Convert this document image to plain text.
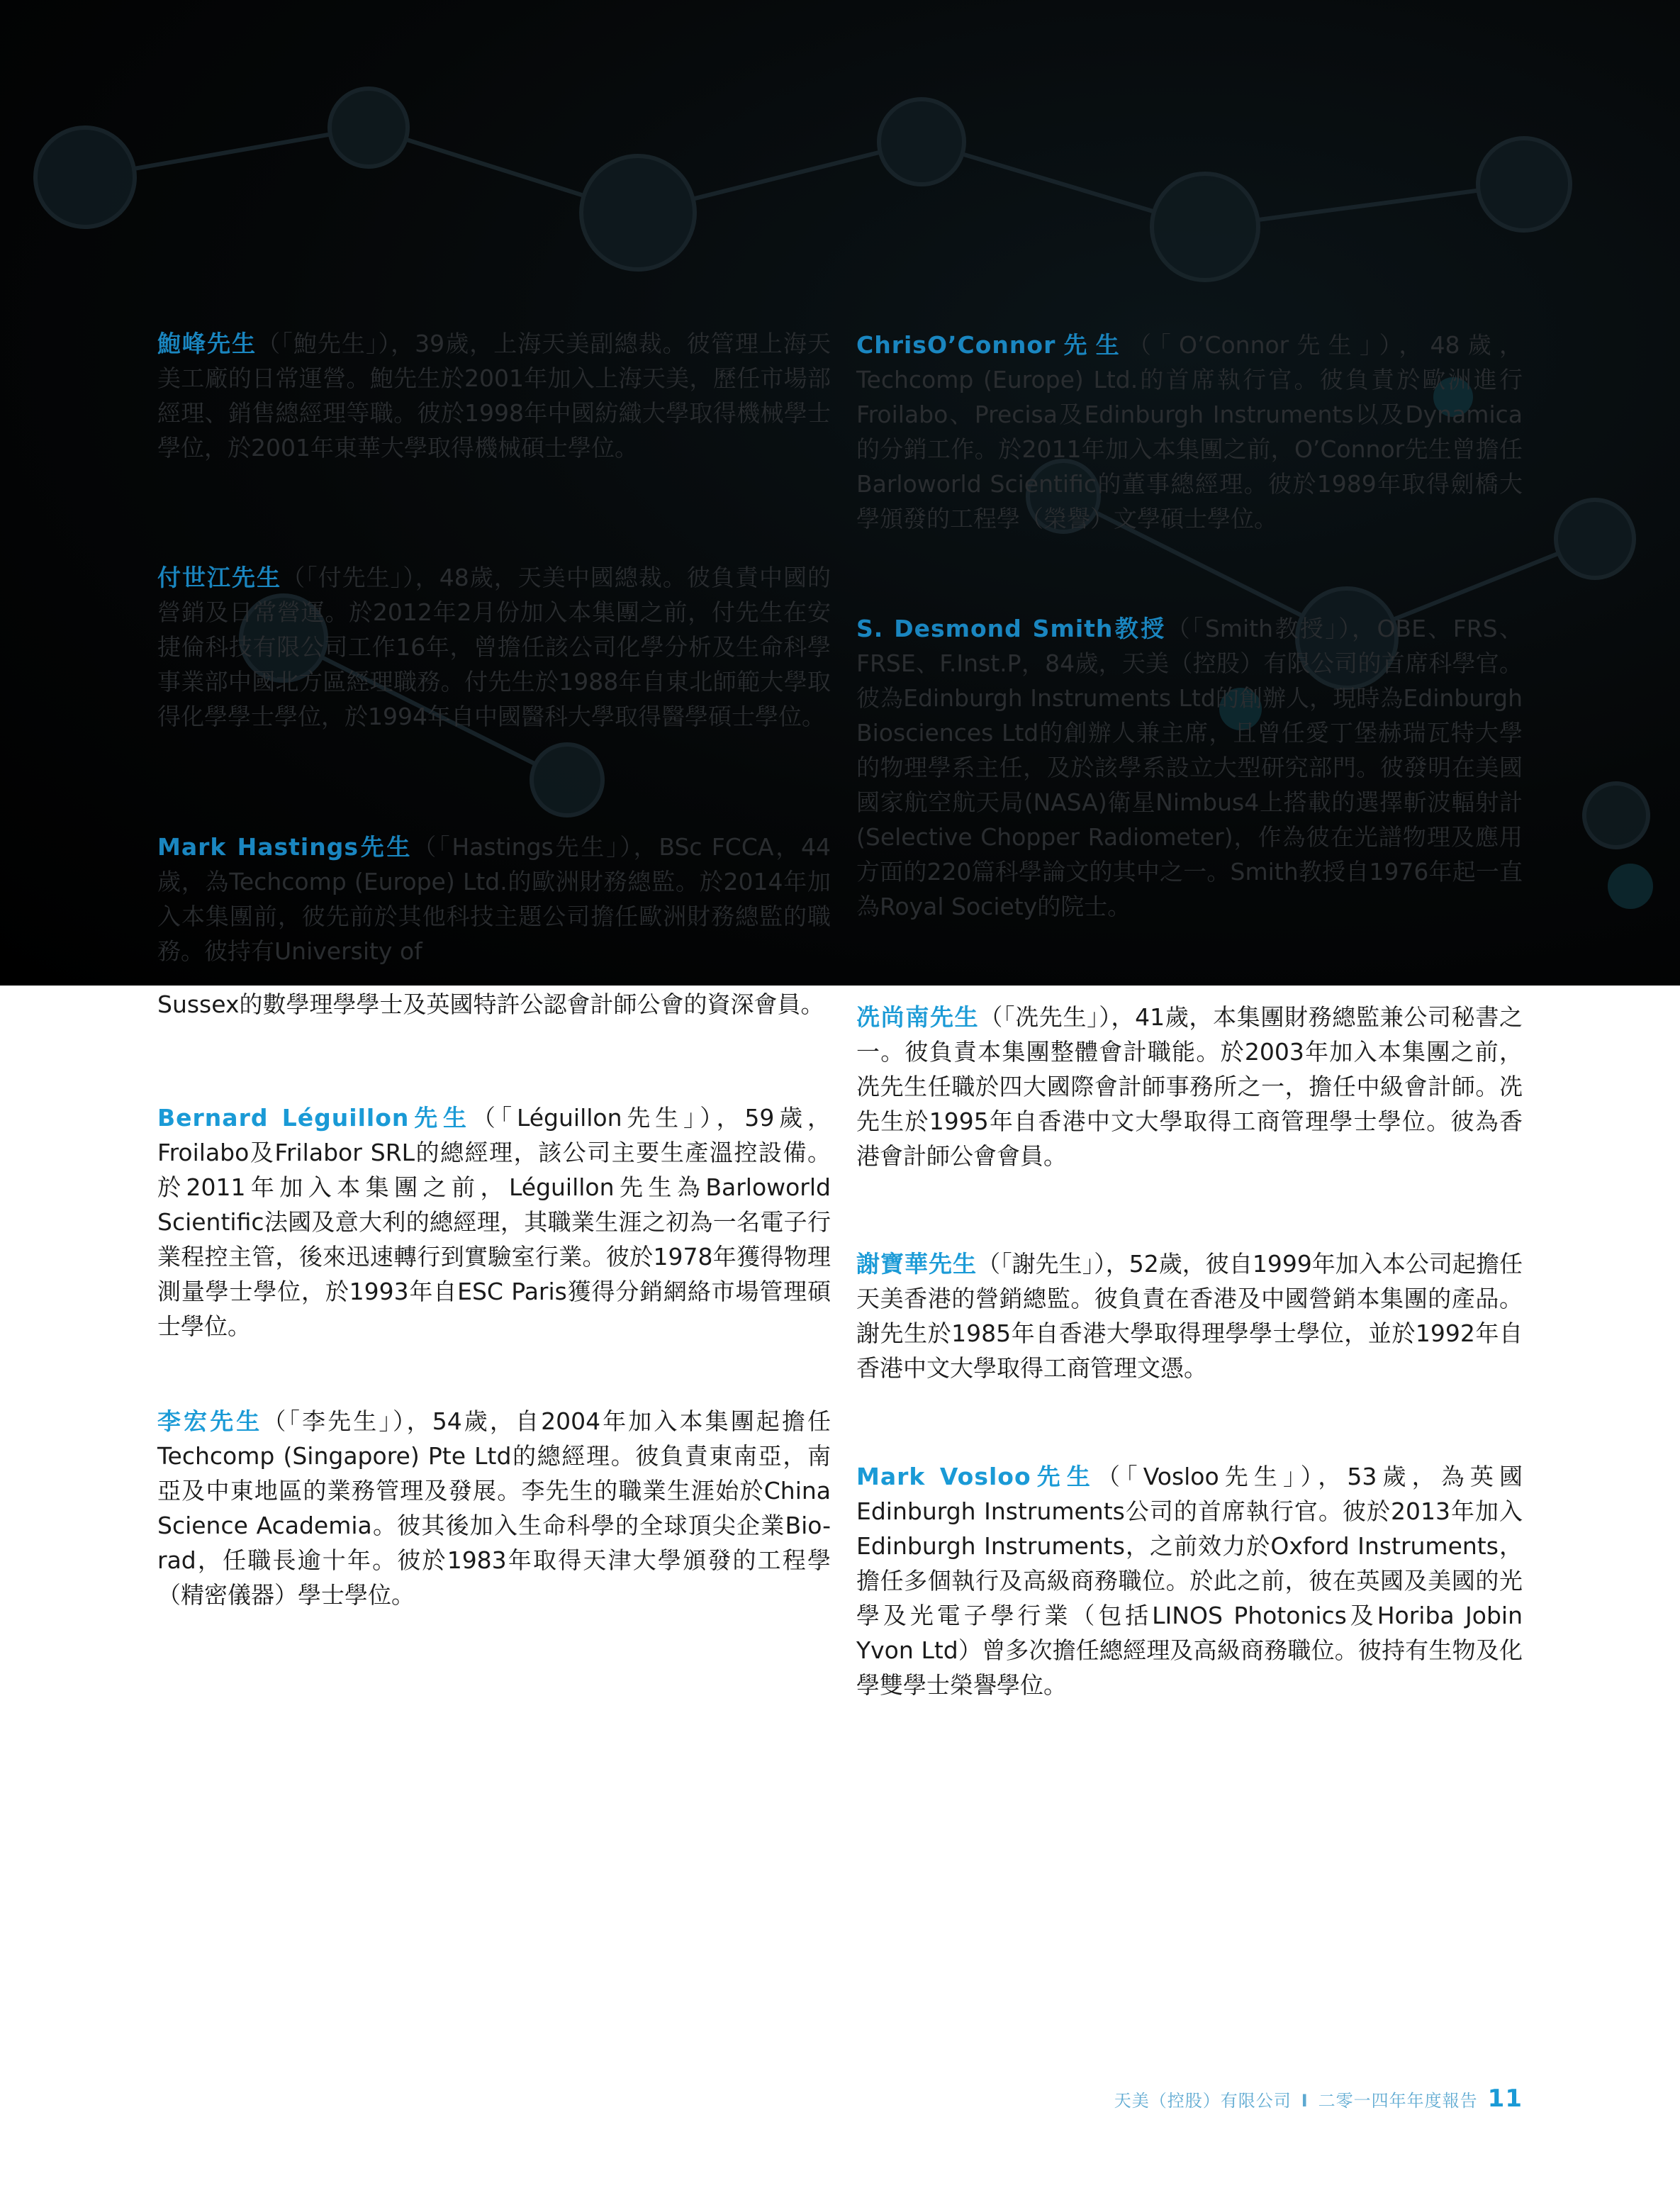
鮑峰先生（「鮑先生」），39歲，上海天美副總裁。彼管理上海天美工廠的日常運營。鮑先生於2001年加入上海天美，歷任市場部經理、銷售總經理等職。彼於1998年中國紡織大學取得機械學士學位，於2001年東華大學取得機械碩士學位。

付世江先生（「付先生」），48歲，天美中國總裁。彼負責中國的營銷及日常營運。於2012年2月份加入本集團之前，付先生在安捷倫科技有限公司工作16年，曾擔任該公司化學分析及生命科學事業部中國北方區經理職務。付先生於1988年自東北師範大學取得化學學士學位，於1994年自中國醫科大學取得醫學碩士學位。

Mark Hastings先生（「Hastings先生」），BSc FCCA，44歲，為Techcomp (Europe) Ltd.的歐洲財務總監。於2014年加入本集團前，彼先前於其他科技主題公司擔任歐洲財務總監的職務。彼持有University of

Sussex的數學理學學士及英國特許公認會計師公會的資深會員。

Bernard Léguillon先生（「Léguillon先生」），59歲，Froilabo及Frilabor SRL的總經理，該公司主要生產溫控設備。於2011年加入本集團之前，Léguillon先生為Barloworld Scientific法國及意大利的總經理，其職業生涯之初為一名電子行業程控主管，後來迅速轉行到實驗室行業。彼於1978年獲得物理測量學士學位，於1993年自ESC Paris獲得分銷網絡市場管理碩士學位。

李宏先生（「李先生」），54歲，自2004年加入本集團起擔任Techcomp (Singapore) Pte Ltd的總經理。彼負責東南亞，南亞及中東地區的業務管理及發展。李先生的職業生涯始於China Science Academia。彼其後加入生命科學的全球頂尖企業Bio-rad，任職長逾十年。彼於1983年取得天津大學頒發的工程學（精密儀器）學士學位。

ChrisO’Connor先生（「O’Connor先生」），48歲，Techcomp (Europe) Ltd.的首席執行官。彼負責於歐洲進行Froilabo、Precisa及Edinburgh Instruments以及Dynamica的分銷工作。於2011年加入本集團之前，O’Connor先生曾擔任Barloworld Scientific的董事總經理。彼於1989年取得劍橋大學頒發的工程學（榮譽）文學碩士學位。

S. Desmond Smith教授（「Smith教授」），OBE、FRS、FRSE、F.Inst.P，84歲，天美（控股）有限公司的首席科學官。彼為Edinburgh Instruments Ltd的創辦人，現時為Edinburgh Biosciences Ltd的創辦人兼主席，且曾任愛丁堡赫瑞瓦特大學的物理學系主任，及於該學系設立大型研究部門。彼發明在美國國家航空航天局(NASA)衛星Nimbus4上搭載的選擇斬波輻射計(Selective Chopper Radiometer)，作為彼在光譜物理及應用方面的220篇科學論文的其中之一。Smith教授自1976年起一直為Royal Society的院士。

冼尚南先生（「冼先生」），41歲，本集團財務總監兼公司秘書之一。彼負責本集團整體會計職能。於2003年加入本集團之前，冼先生任職於四大國際會計師事務所之一，擔任中級會計師。冼先生於1995年自香港中文大學取得工商管理學士學位。彼為香港會計師公會會員。

謝寶華先生（「謝先生」），52歲，彼自1999年加入本公司起擔任天美香港的營銷總監。彼負責在香港及中國營銷本集團的產品。謝先生於1985年自香港大學取得理學學士學位，並於1992年自香港中文大學取得工商管理文憑。

Mark Vosloo先生（「Vosloo先生」），53歲，為英國Edinburgh Instruments公司的首席執行官。彼於2013年加入Edinburgh Instruments，之前效力於Oxford Instruments，擔任多個執行及高級商務職位。於此之前，彼在英國及美國的光學及光電子學行業（包括LINOS Photonics及Horiba Jobin Yvon Ltd）曾多次擔任總經理及高級商務職位。彼持有生物及化學雙學士榮譽學位。

天美（控股）有限公司 I 二零一四年年度報告 11
